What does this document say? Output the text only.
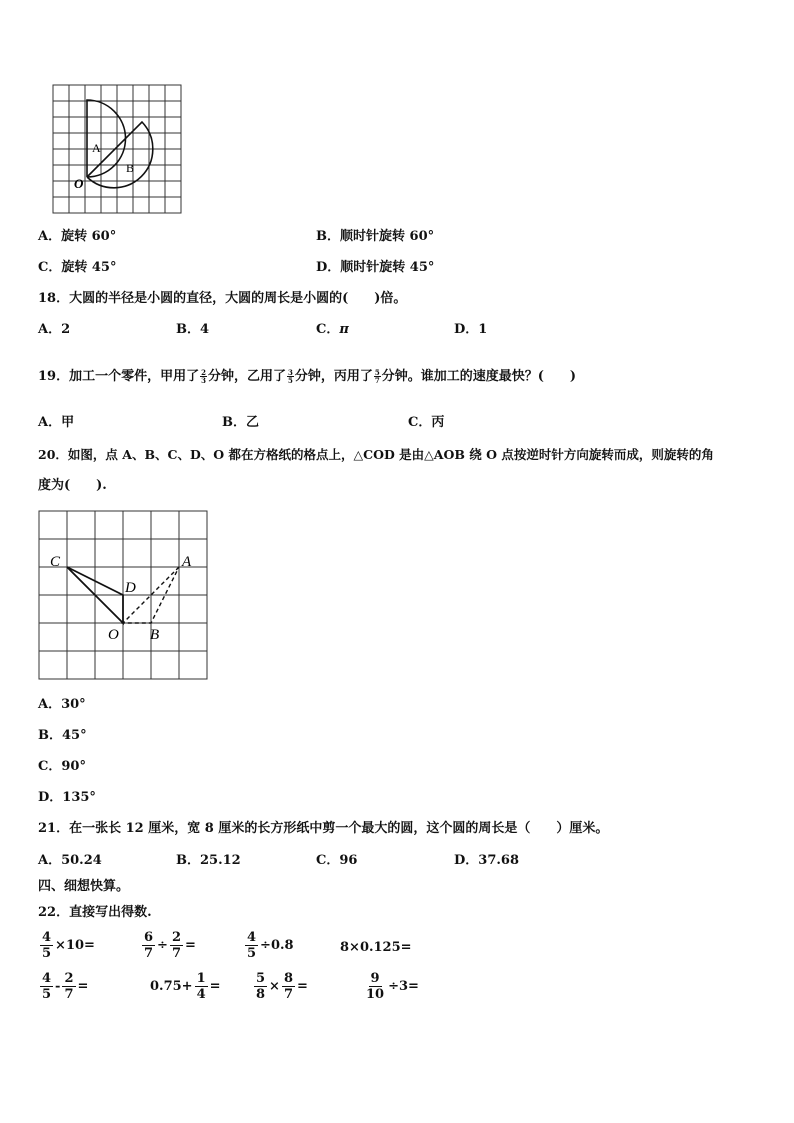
A
B
O
A．旋转 60°	B．顺时针旋转 60°
C．旋转 45°	D．顺时针旋转 45°
18．大圆的半径是小圆的直径，大圆的周长是小圆的(　　)倍。
A．2	B．4	C．π	D．1
19．加工一个零件，甲用了 $\frac{2}{3}$ 分钟，乙用了 $\frac{3}{5}$ 分钟，丙用了 $\frac{5}{7}$ 分钟。谁加工的速度最快？(　　)
A．甲	B．乙	C．丙
20．如图，点 A、B、C、D、O 都在方格纸的格点上，△COD 是由△AOB 绕 O 点按逆时针方向旋转而成，则旋转的角
度为(　　).
C
D
A
O B
A．30°
B．45°
C．90°
D．135°
21．在一张长 12 厘米，宽 8 厘米的长方形纸中剪一个最大的圆，这个圆的周长是（　　）厘米。
A．50.24	B．25.12	C．96	D．37.68
四、细想快算。
22．直接写出得数.
$\frac{4}{5} \times 10=$	$\frac{6}{7} \div \frac{2}{7}$ =	$\frac{4}{5} \div 0.8$	8×0.125=
$\frac{4}{5} - \frac{2}{7}$ =	$0.75+ \frac{1}{4}$ =	$\frac{5}{8} \times \frac{8}{7}$ =	$\frac{9}{10} \div 3=$
